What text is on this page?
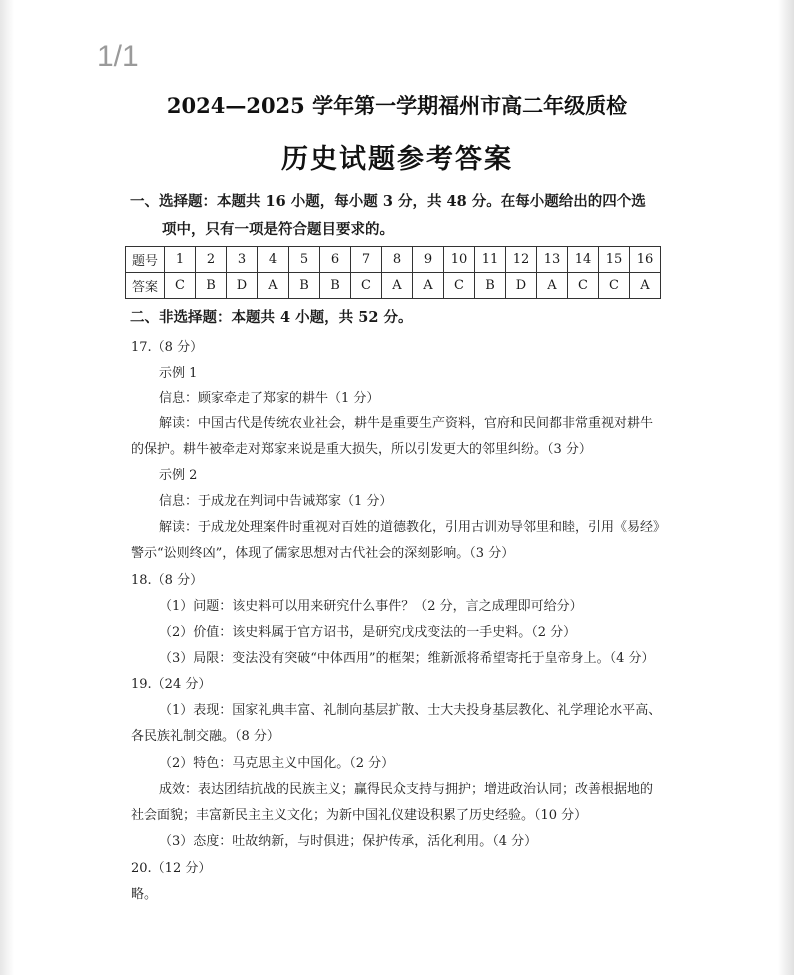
1/1
2024—2025 学年第一学期福州市高二年级质检
历史试题参考答案
一、选择题：本题共 16 小题，每小题 3 分，共 48 分。在每小题给出的四个选
项中，只有一项是符合题目要求的。
题号	1	2	3	4	5	6	7	8	9	10	11	12	13	14	15	16
答案	C	B	D	A	B	B	C	A	A	C	B	D	A	C	C	A
二、非选择题：本题共 4 小题，共 52 分。
17.（8 分）
示例 1
信息：顾家牵走了郑家的耕牛（1 分）
解读：中国古代是传统农业社会，耕牛是重要生产资料，官府和民间都非常重视对耕牛
的保护。耕牛被牵走对郑家来说是重大损失，所以引发更大的邻里纠纷。（3 分）
示例 2
信息：于成龙在判词中告诫郑家（1 分）
解读：于成龙处理案件时重视对百姓的道德教化，引用古训劝导邻里和睦，引用《易经》
警示“讼则终凶”，体现了儒家思想对古代社会的深刻影响。（3 分）
18.（8 分）
（1）问题：该史料可以用来研究什么事件？（2 分，言之成理即可给分）
（2）价值：该史料属于官方诏书，是研究戊戌变法的一手史料。（2 分）
（3）局限：变法没有突破“中体西用”的框架；维新派将希望寄托于皇帝身上。（4 分）
19.（24 分）
（1）表现：国家礼典丰富、礼制向基层扩散、士大夫投身基层教化、礼学理论水平高、
各民族礼制交融。（8 分）
（2）特色：马克思主义中国化。（2 分）
成效：表达团结抗战的民族主义；赢得民众支持与拥护；增进政治认同；改善根据地的
社会面貌；丰富新民主主义文化；为新中国礼仪建设积累了历史经验。（10 分）
（3）态度：吐故纳新，与时俱进；保护传承，活化利用。（4 分）
20.（12 分）
略。
